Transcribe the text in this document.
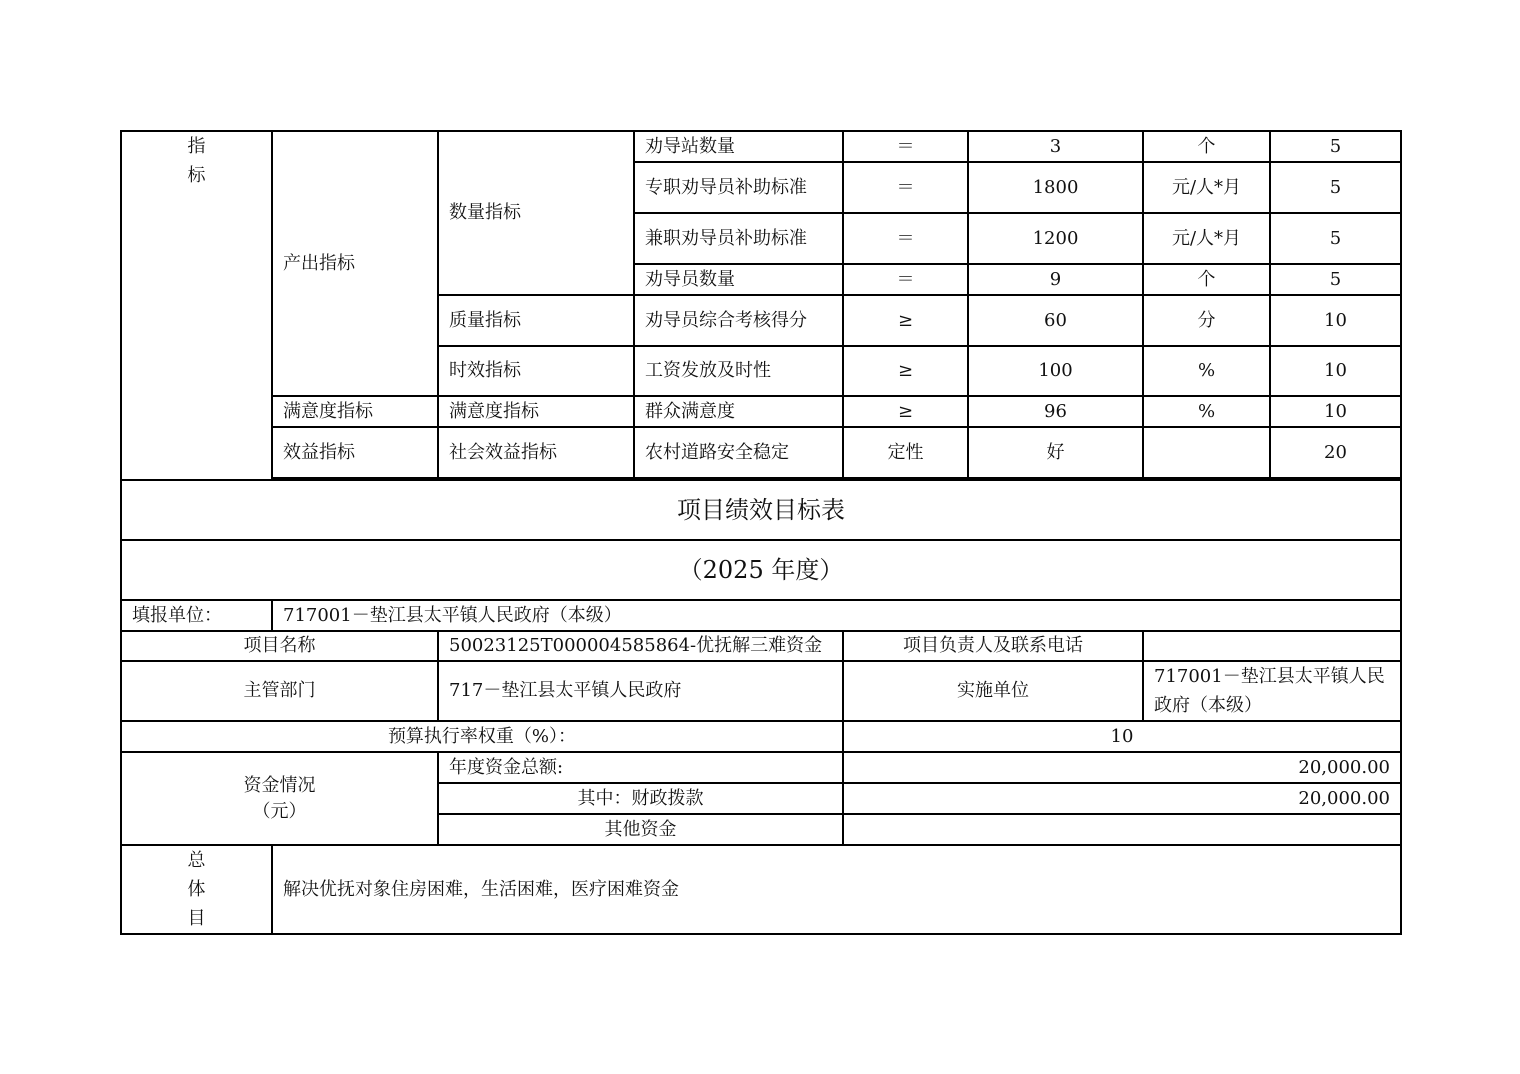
指
标	产出指标	数量指标	劝导站数量	＝	3	个	5
			专职劝导员补助标准	＝	1800	元/人*月	5
			兼职劝导员补助标准	＝	1200	元/人*月	5
			劝导员数量	＝	9	个	5
		质量指标	劝导员综合考核得分	≥	60	分	10
		时效指标	工资发放及时性	≥	100	%	10
	满意度指标	满意度指标	群众满意度	≥	96	%	10
	效益指标	社会效益指标	农村道路安全稳定	定性	好		20

项目绩效目标表							
（2025 年度）							
填报单位：	717001－垫江县太平镇人民政府（本级）						
项目名称		50023125T000004585864-优抚解三难资金		项目负责人及联系电话			
主管部门		717－垫江县太平镇人民政府		实施单位		717001－垫江县太平镇人民政府（本级）	
预算执行率权重（%）：				10			

资金情况
（元）		年度资金总额:		20,000.00			
		其中：财政拨款		20,000.00			
		其他资金					

总
体
目	解决优抚对象住房困难，生活困难，医疗困难资金						
